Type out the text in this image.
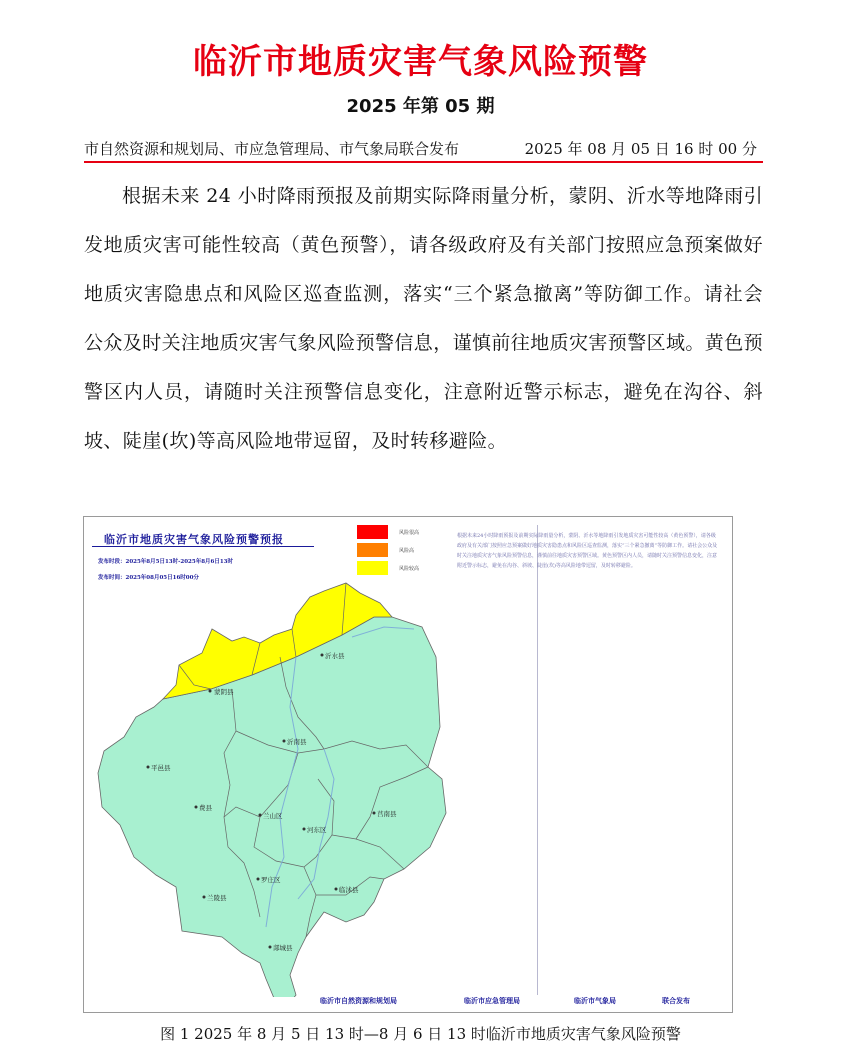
临沂市地质灾害气象风险预警
2025 年第 05 期
市自然资源和规划局、市应急管理局、市气象局联合发布	2025 年 08 月 05 日 16 时 00 分

根据未来 24 小时降雨预报及前期实际降雨量分析，蒙阴、沂水等地降雨引发地质灾害可能性较高（黄色预警），请各级政府及有关部门按照应急预案做好地质灾害隐患点和风险区巡查监测，落实“三个紧急撤离”等防御工作。请社会公众及时关注地质灾害气象风险预警信息，谨慎前往地质灾害预警区域。黄色预警区内人员，请随时关注预警信息变化，注意附近警示标志，避免在沟谷、斜坡、陡崖(坎)等高风险地带逗留，及时转移避险。

临沂市地质灾害气象风险预警预报
发布时段：2025年8月5日13时-2025年8月6日13时
发布时间：2025年08月05日16时00分
风险很高
风险高
风险较高
沂水县
蒙阴县
沂南县
平邑县
费县
兰山区
河东区
莒南县
罗庄区
兰陵县
临沭县
郯城县

根据未来24小时降雨预报及前期实际降雨量分析，蒙阴、沂水等地降雨引发地质灾害可能性较高（黄色预警），请各级政府及有关部门按照应急预案做好地质灾害隐患点和风险区巡查监测，落实“三个紧急撤离”等防御工作。请社会公众及时关注地质灾害气象风险预警信息，谨慎前往地质灾害预警区域。黄色预警区内人员，请随时关注预警信息变化，注意附近警示标志，避免在沟谷、斜坡、陡崖(坎)等高风险地带逗留，及时转移避险。

临沂市自然资源和规划局	临沂市应急管理局	临沂市气象局	联合发布
图 1 2025 年 8 月 5 日 13 时—8 月 6 日 13 时临沂市地质灾害气象风险预警
